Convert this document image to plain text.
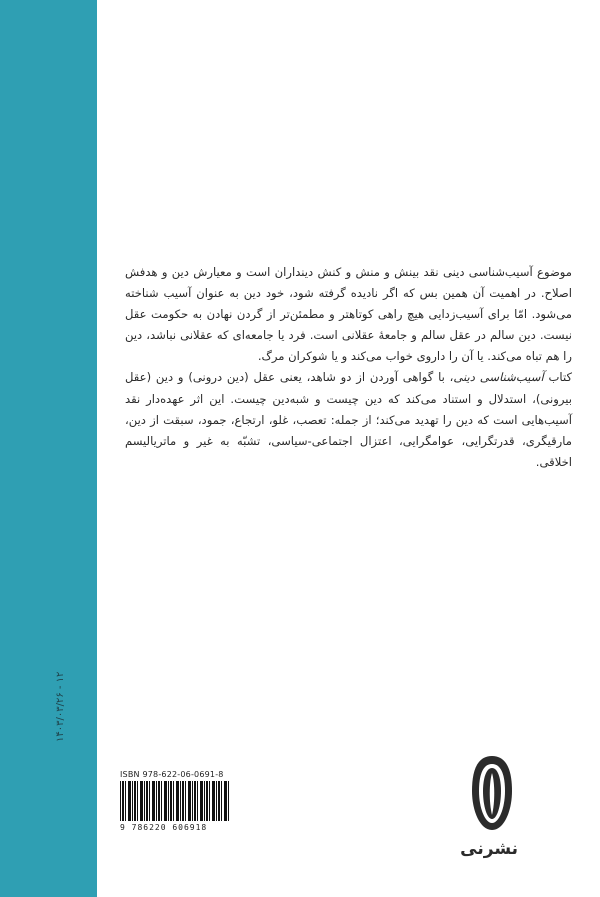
۱۴۰۳/۰۳/۲۶ - ۱۲

موضوع آسیب‌شناسی دینی نقد بینش و منش و کنش دینداران است و معیارش دین و هدفش اصلاح. در اهمیت آن همین بس که اگر نادیده گرفته شود، خود دین به عنوان آسیب شناخته می‌شود. امّا برای آسیب‌زدایی هیچ راهی کوتاهتر و مطمئن‌تر از گردن نهادن به حکومت عقل نیست. دین سالم در عقل سالم و جامعهٔ عقلانی است. فرد یا جامعه‌ای که عقلانی نباشد، دین را هم تباه می‌کند. یا آن را داروی خواب می‌کند و یا شوکران مرگ.

کتاب آسیب‌شناسی دینی، با گواهی آوردن از دو شاهد، یعنی عقل (دین درونی) و دین (عقل بیرونی)، استدلال و استناد می‌کند که دین چیست و شبه‌دین چیست. این اثر عهده‌دار نقد آسیب‌هایی است که دین را تهدید می‌کند؛ از جمله: تعصب، غلو، ارتجاع، جمود، سبقت از دین، مارقیگری، قدرتگرایی، عوامگرایی، اعتزال اجتماعی-سیاسی، تشبّه به غیر و ماتریالیسم اخلاقی.

ISBN 978-622-06-0691-8
9 786220 606918
نشرنی
